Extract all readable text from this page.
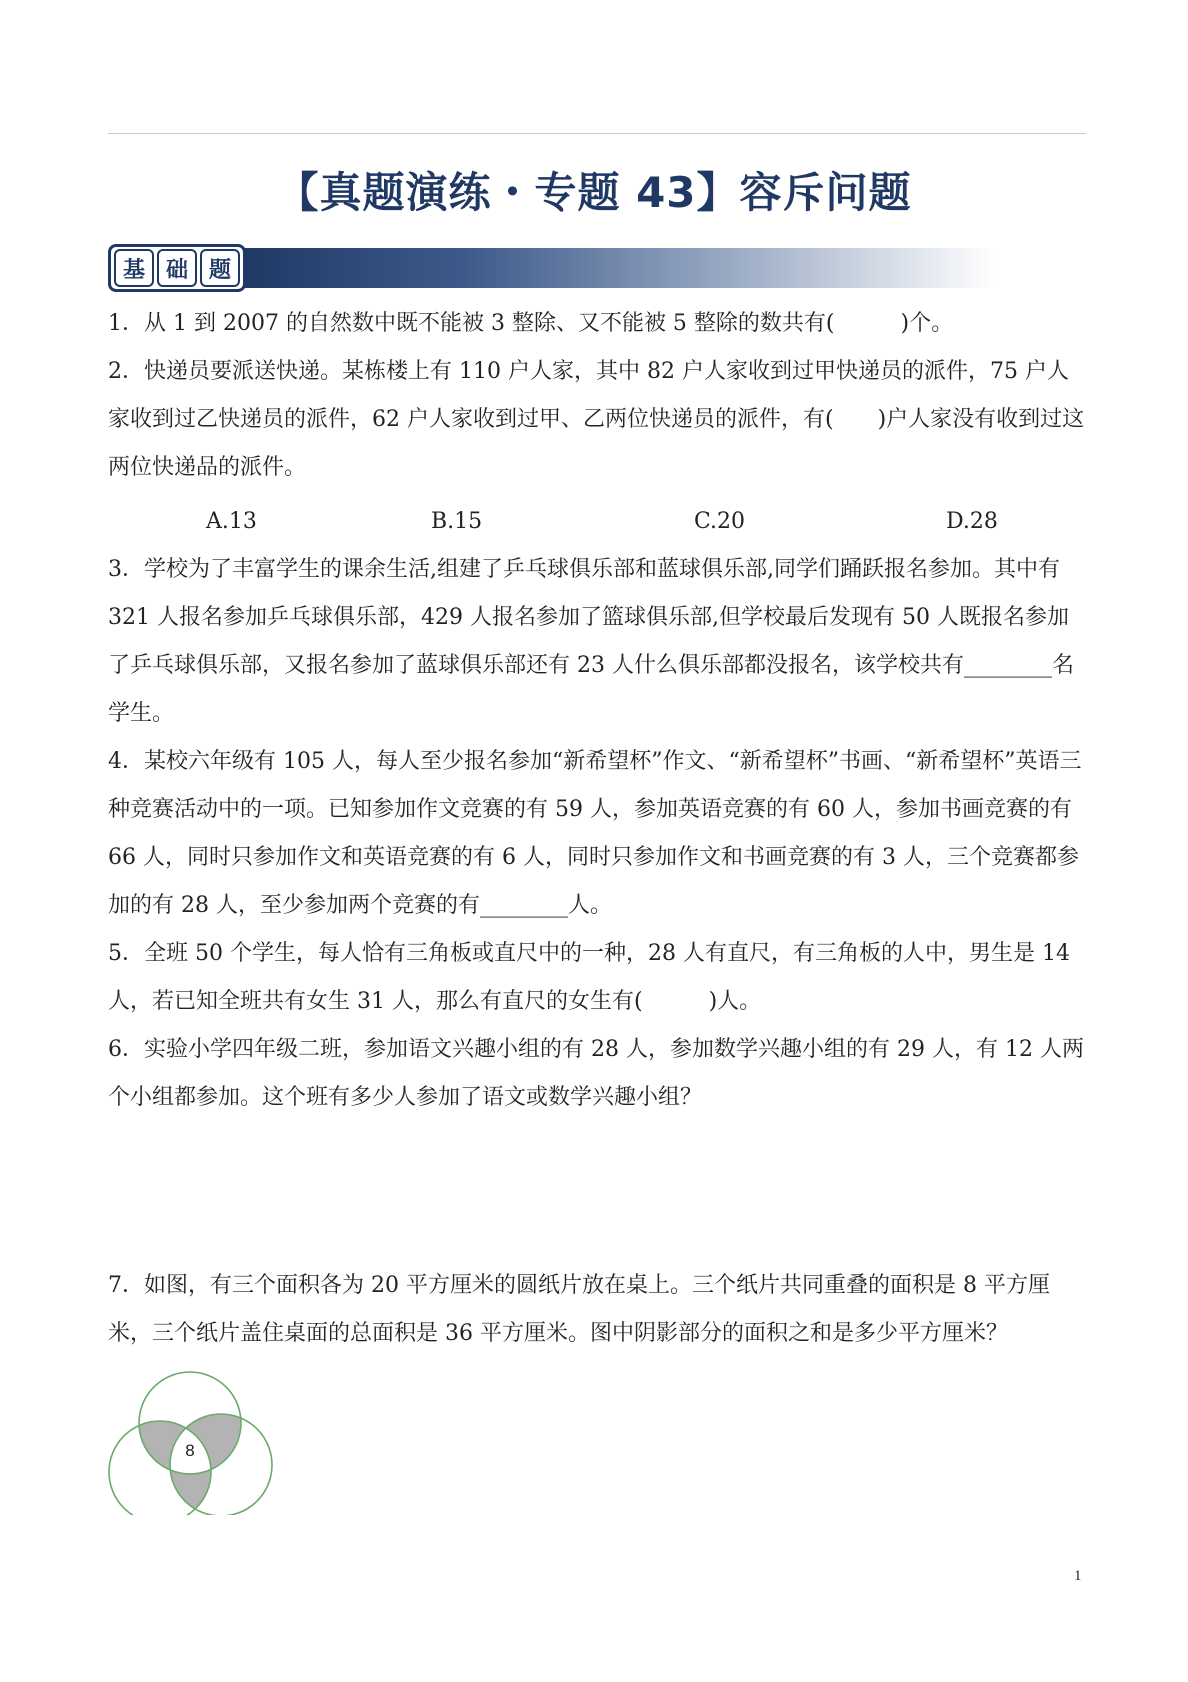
【真题演练・专题 43】容斥问题
基 础 题

1．从 1 到 2007 的自然数中既不能被 3 整除、又不能被 5 整除的数共有(　　　)个。

2．快递员要派送快递。某栋楼上有 110 户人家，其中 82 户人家收到过甲快递员的派件，75 户人家收到过乙快递员的派件，62 户人家收到过甲、乙两位快递员的派件，有(　　)户人家没有收到过这两位快递品的派件。

A.13	B.15	C.20	D.28

3．学校为了丰富学生的课余生活,组建了乒乓球俱乐部和蓝球俱乐部,同学们踊跃报名参加。其中有 321 人报名参加乒乓球俱乐部，429 人报名参加了篮球俱乐部,但学校最后发现有 50 人既报名参加了乒乓球俱乐部，又报名参加了蓝球俱乐部还有 23 人什么俱乐部都没报名，该学校共有________名学生。

4．某校六年级有 105 人，每人至少报名参加“新希望杯”作文、“新希望杯”书画、“新希望杯”英语三种竞赛活动中的一项。已知参加作文竞赛的有 59 人，参加英语竞赛的有 60 人，参加书画竞赛的有 66 人，同时只参加作文和英语竞赛的有 6 人，同时只参加作文和书画竞赛的有 3 人，三个竞赛都参加的有 28 人，至少参加两个竞赛的有________人。

5．全班 50 个学生，每人恰有三角板或直尺中的一种，28 人有直尺，有三角板的人中，男生是 14 人，若已知全班共有女生 31 人，那么有直尺的女生有(　　　)人。

6．实验小学四年级二班，参加语文兴趣小组的有 28 人，参加数学兴趣小组的有 29 人，有 12 人两个小组都参加。这个班有多少人参加了语文或数学兴趣小组？

7．如图，有三个面积各为 20 平方厘米的圆纸片放在桌上。三个纸片共同重叠的面积是 8 平方厘米，三个纸片盖住桌面的总面积是 36 平方厘米。图中阴影部分的面积之和是多少平方厘米？

8
1
